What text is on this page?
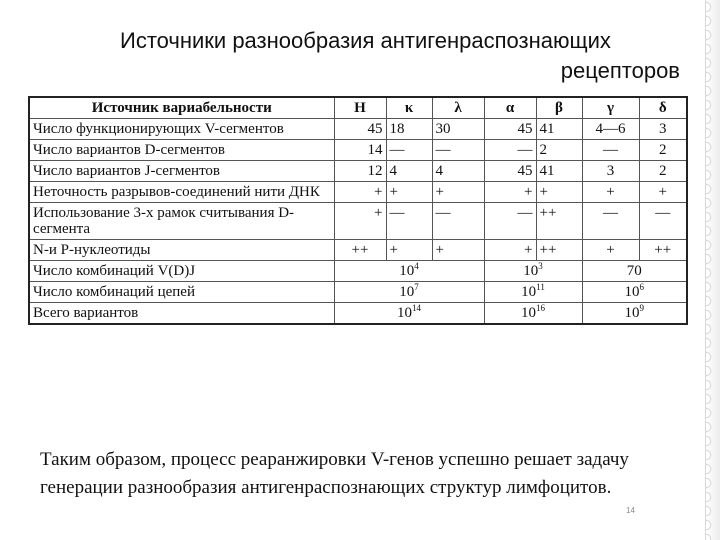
Источники разнообразия антигенраспознающих
рецепторов
Источник вариабельности	H	κ	λ	α	β	γ	δ
Число функционирующих V-сегментов	45	18	30	45	41	4—6	3
Число вариантов D-сегментов	14	—	—	—	2	—	2
Число вариантов J-сегментов	12	4	4	45	41	3	2
Неточность разрывов-соединений нити ДНК	+	+	+	+	+	+	+
Использование 3-х рамок считывания D-сегмента	+	—	—	—	++	—	—
N-и P-нуклеотиды	++	+	+	+	++	+	++
Число комбинаций V(D)J	$10^4$			$10^3$		70	
Число комбинаций цепей	$10^7$			$10^{11}$		$10^6$
Всего вариантов	$10^{14}$			$10^{16}$		$10^9$
Таким образом, процесс реаранжировки V-генов успешно решает задачу генерации разнообразия антигенраспознающих структур лимфоцитов.
14
